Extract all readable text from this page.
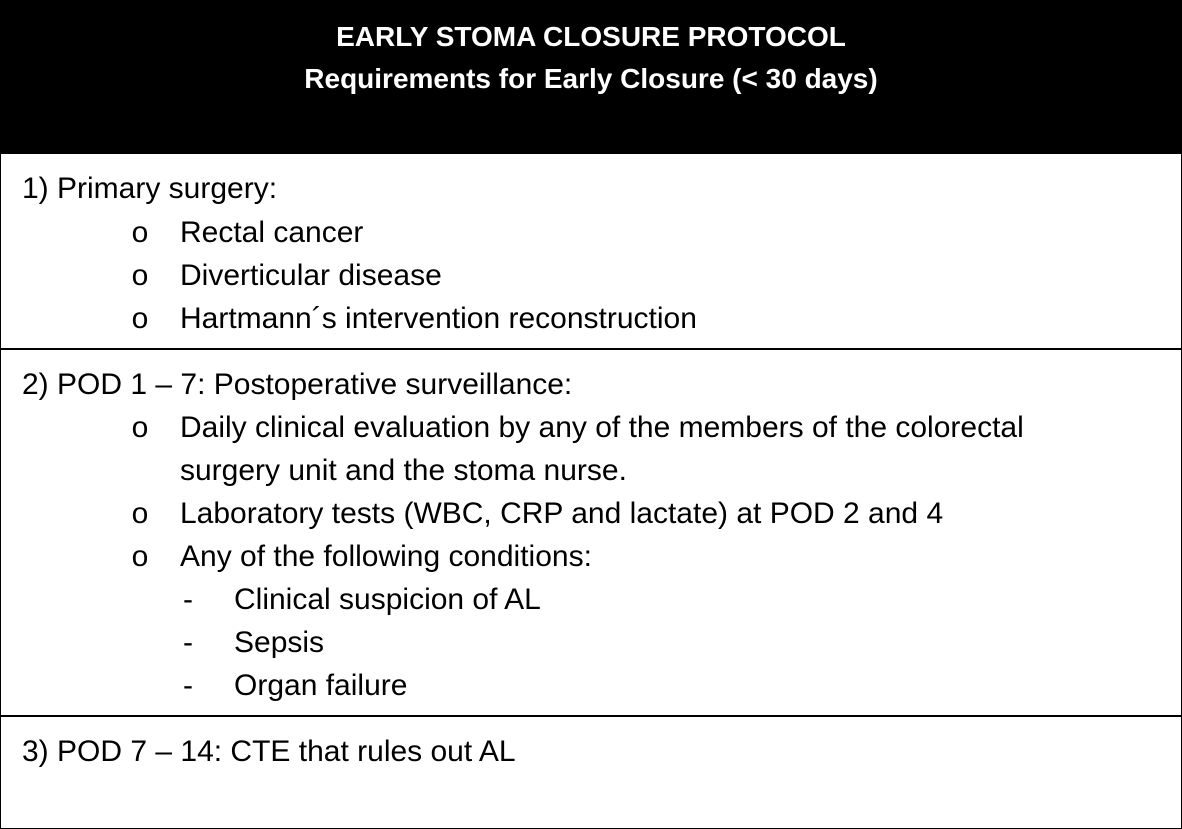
EARLY STOMA CLOSURE PROTOCOL
Requirements for Early Closure (< 30 days)
1) Primary surgery:
o Rectal cancer
o Diverticular disease
o Hartmann´s intervention reconstruction
2) POD 1 – 7: Postoperative surveillance:
o Daily clinical evaluation by any of the members of the colorectal
surgery unit and the stoma nurse.
o Laboratory tests (WBC, CRP and lactate) at POD 2 and 4
o Any of the following conditions:
- Clinical suspicion of AL
- Sepsis
- Organ failure
3) POD 7 – 14: CTE that rules out AL
